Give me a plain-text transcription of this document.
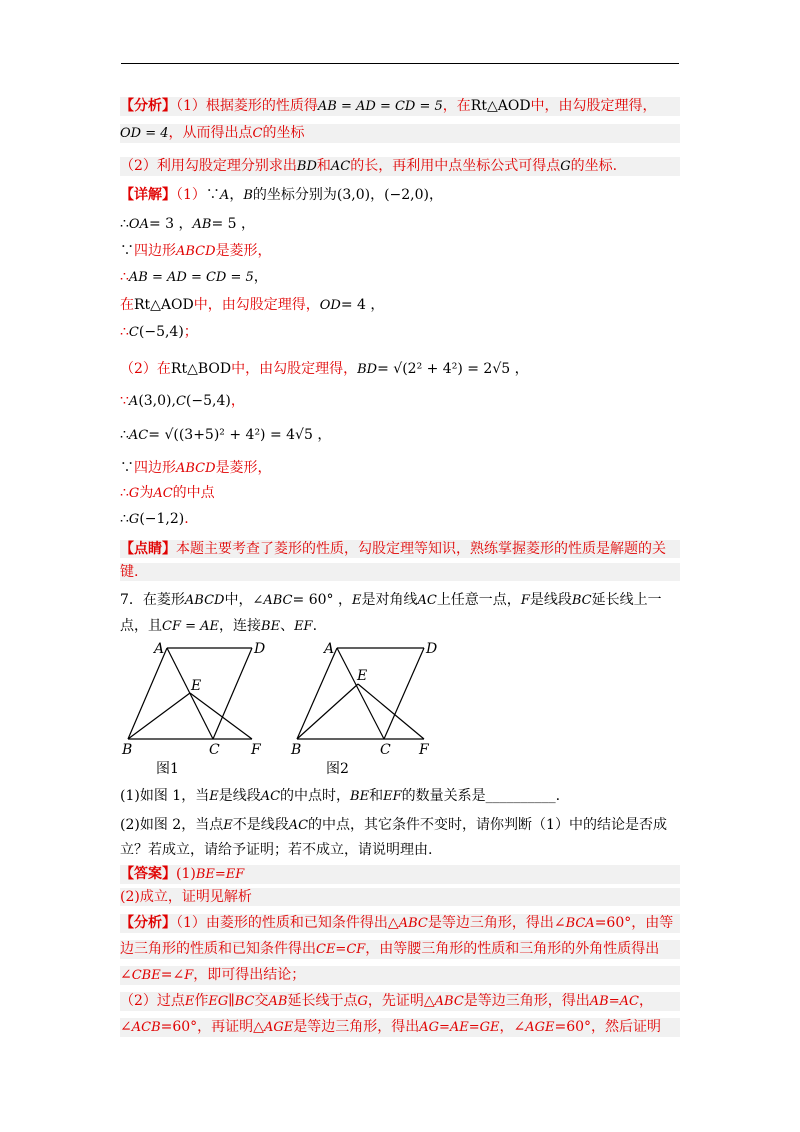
【分析】（1）根据菱形的性质得AB = AD = CD = 5，在Rt△AOD中，由勾股定理得，
OD = 4，从而得出点C的坐标
（2）利用勾股定理分别求出BD和AC的长，再利用中点坐标公式可得点G的坐标.
【详解】（1）∵A，B的坐标分别为(3,0)，(−2,0)，
∴OA= 3 ，AB= 5 ，
∵四边形ABCD是菱形，
∴AB = AD = CD = 5，
在Rt△AOD中，由勾股定理得，OD= 4 ，
∴C(−5,4)；
（2）在Rt△BOD中，由勾股定理得，BD= √(2² + 4²) = 2√5 ，
∵A(3,0),C(−5,4)，
∴AC= √((3+5)² + 4²) = 4√5 ，
∵四边形ABCD是菱形，
∴G为AC的中点
∴G(−1,2).
【点睛】本题主要考查了菱形的性质，勾股定理等知识，熟练掌握菱形的性质是解题的关
键.
7．在菱形ABCD中，∠ABC= 60° ，E是对角线AC上任意一点，F是线段BC延长线上一
点，且CF = AE，连接BE、EF.
(1)如图 1，当E是线段AC的中点时，BE和EF的数量关系是__________.
(2)如图 2，当点E不是线段AC的中点，其它条件不变时，请你判断（1）中的结论是否成
立？若成立，请给予证明；若不成立，请说明理由.
【答案】(1)BE=EF
(2)成立，证明见解析
【分析】（1）由菱形的性质和已知条件得出△ABC是等边三角形，得出∠BCA=60°，由等
边三角形的性质和已知条件得出CE=CF，由等腰三角形的性质和三角形的外角性质得出
∠CBE=∠F，即可得出结论；
（2）过点E作EG∥BC交AB延长线于点G，先证明△ABC是等边三角形，得出AB=AC，
∠ACB=60°，再证明△AGE是等边三角形，得出AG=AE=GE，∠AGE=60°，然后证明
A	D
E
B	C F
A	D
E
B	C F
图1	图2
